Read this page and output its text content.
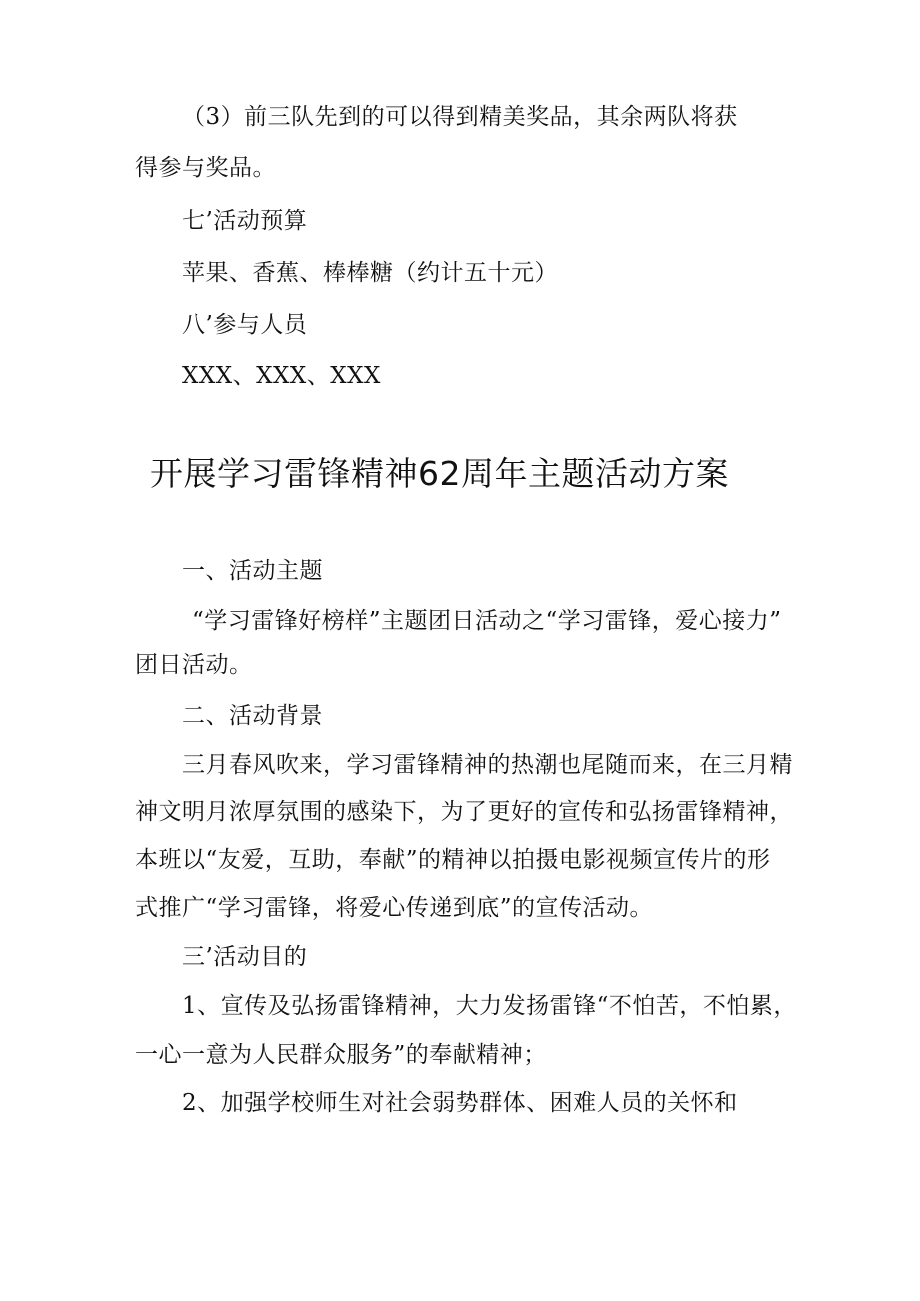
（3）前三队先到的可以得到精美奖品，其余两队将获
得参与奖品。
七’活动预算
苹果、香蕉、棒棒糖（约计五十元）
八’参与人员
XXX、XXX、XXX
开展学习雷锋精神62周年主题活动方案
一、活动主题
“学习雷锋好榜样”主题团日活动之“学习雷锋，爱心接力”
团日活动。
二、活动背景
三月春风吹来，学习雷锋精神的热潮也尾随而来，在三月精
神文明月浓厚氛围的感染下，为了更好的宣传和弘扬雷锋精神，
本班以“友爱，互助，奉献”的精神以拍摄电影视频宣传片的形
式推广“学习雷锋，将爱心传递到底”的宣传活动。
三’活动目的
1、宣传及弘扬雷锋精神，大力发扬雷锋“不怕苦，不怕累，
一心一意为人民群众服务”的奉献精神；
2、加强学校师生对社会弱势群体、困难人员的关怀和
